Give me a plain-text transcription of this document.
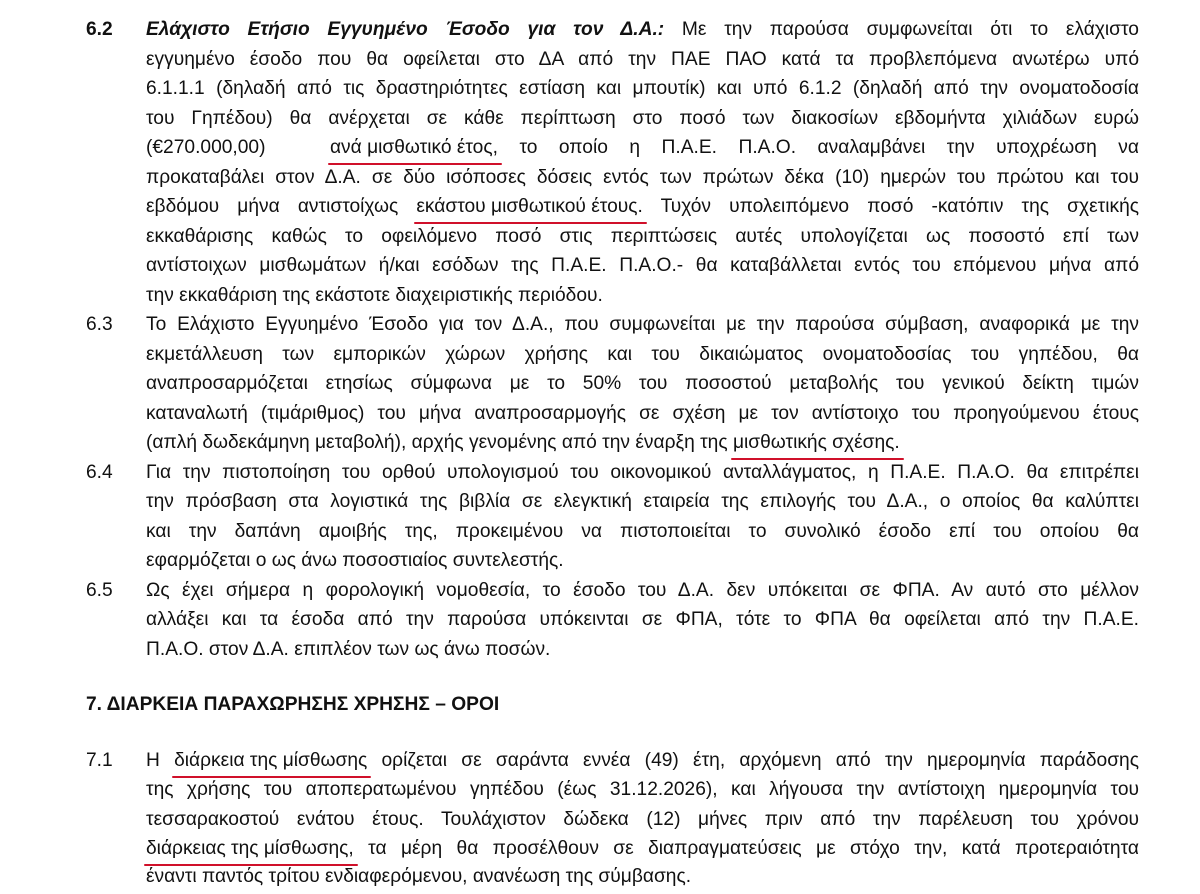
6.2 Ελάχιστο Ετήσιο Εγγυημένο Έσοδο για τον Δ.Α.: Με την παρούσα συμφωνείται ότι το ελάχιστο
εγγυημένο έσοδο που θα οφείλεται στο ΔΑ από την ΠΑΕ ΠΑΟ κατά τα προβλεπόμενα ανωτέρω υπό
6.1.1.1 (δηλαδή από τις δραστηριότητες εστίαση και μπουτίκ) και υπό 6.1.2 (δηλαδή από την ονοματοδοσία
του Γηπέδου) θα ανέρχεται σε κάθε περίπτωση στο ποσό των διακοσίων εβδομήντα χιλιάδων ευρώ
(€270.000,00)	ανά μισθωτικό έτος, το οποίο η Π.Α.Ε. Π.Α.Ο. αναλαμβάνει την υποχρέωση να
προκαταβάλει στον Δ.Α. σε δύο ισόποσες δόσεις εντός των πρώτων δέκα (10) ημερών του πρώτου και του
εβδόμου μήνα αντιστοίχως εκάστου μισθωτικού έτους. Τυχόν υπολειπόμενο ποσό -κατόπιν της σχετικής
εκκαθάρισης καθώς το οφειλόμενο ποσό στις περιπτώσεις αυτές υπολογίζεται ως ποσοστό επί των
αντίστοιχων μισθωμάτων ή/και εσόδων της Π.Α.Ε. Π.Α.Ο.- θα καταβάλλεται εντός του επόμενου μήνα από
την εκκαθάριση της εκάστοτε διαχειριστικής περιόδου.
6.3 Το Ελάχιστο Εγγυημένο Έσοδο για τον Δ.Α., που συμφωνείται με την παρούσα σύμβαση, αναφορικά με την
εκμετάλλευση των εμπορικών χώρων χρήσης και του δικαιώματος ονοματοδοσίας του γηπέδου, θα
αναπροσαρμόζεται ετησίως σύμφωνα με το 50% του ποσοστού μεταβολής του γενικού δείκτη τιμών
καταναλωτή (τιμάριθμος) του μήνα αναπροσαρμογής σε σχέση με τον αντίστοιχο του προηγούμενου έτους
(απλή δωδεκάμηνη μεταβολή), αρχής γενομένης από την έναρξη της μισθωτικής σχέσης.
6.4 Για την πιστοποίηση του ορθού υπολογισμού του οικονομικού ανταλλάγματος, η Π.Α.Ε. Π.Α.Ο. θα επιτρέπει
την πρόσβαση στα λογιστικά της βιβλία σε ελεγκτική εταιρεία της επιλογής του Δ.Α., ο οποίος θα καλύπτει
και την δαπάνη αμοιβής της, προκειμένου να πιστοποιείται το συνολικό έσοδο επί του οποίου θα
εφαρμόζεται ο ως άνω ποσοστιαίος συντελεστής.
6.5 Ως έχει σήμερα η φορολογική νομοθεσία, το έσοδο του Δ.Α. δεν υπόκειται σε ΦΠΑ. Αν αυτό στο μέλλον
αλλάξει και τα έσοδα από την παρούσα υπόκεινται σε ΦΠΑ, τότε το ΦΠΑ θα οφείλεται από την Π.Α.Ε.
Π.Α.Ο. στον Δ.Α. επιπλέον των ως άνω ποσών.
7. ΔΙΑΡΚΕΙΑ ΠΑΡΑΧΩΡΗΣΗΣ ΧΡΗΣΗΣ – ΟΡΟΙ
7.1 Η διάρκεια της μίσθωσης ορίζεται σε σαράντα εννέα (49) έτη, αρχόμενη από την ημερομηνία παράδοσης
της χρήσης του αποπερατωμένου γηπέδου (έως 31.12.2026), και λήγουσα την αντίστοιχη ημερομηνία του
τεσσαρακοστού ενάτου έτους. Τουλάχιστον δώδεκα (12) μήνες πριν από την παρέλευση του χρόνου
διάρκειας της μίσθωσης, τα μέρη θα προσέλθουν σε διαπραγματεύσεις με στόχο την, κατά προτεραιότητα
έναντι παντός τρίτου ενδιαφερόμενου, ανανέωση της σύμβασης.
